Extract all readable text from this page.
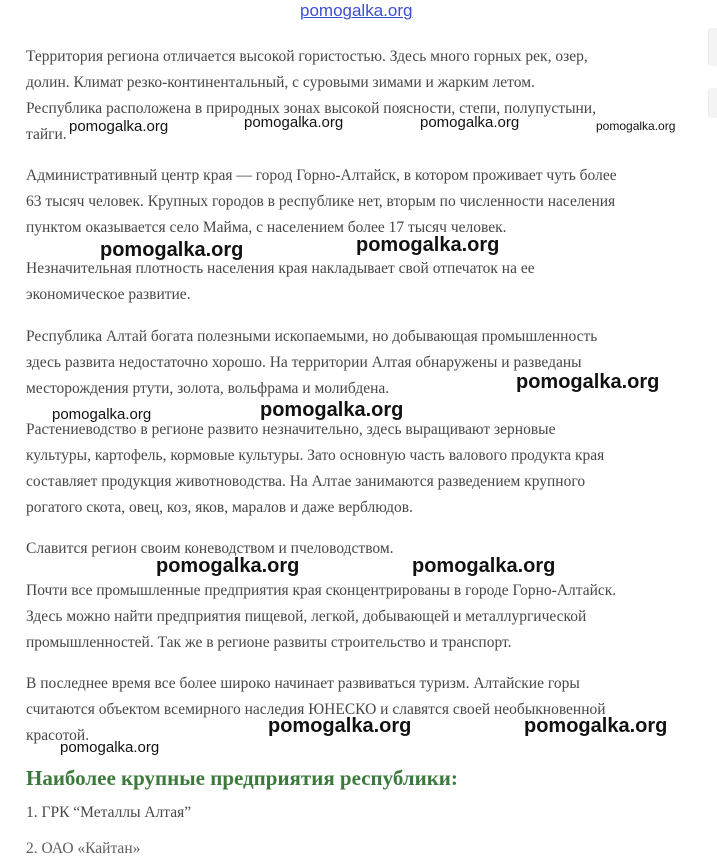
pomogalka.org
Территория региона отличается высокой гористостью. Здесь много горных рек, озер,
долин. Климат резко-континентальный, с суровыми зимами и жарким летом.
Республика расположена в природных зонах высокой поясности, степи, полупустыни,
тайги.
Административный центр края — город Горно-Алтайск, в котором проживает чуть более
63 тысяч человек. Крупных городов в республике нет, вторым по численности населения
пунктом оказывается село Майма, с населением более 17 тысяч человек.
Незначительная плотность населения края накладывает свой отпечаток на ее
экономическое развитие.
Республика Алтай богата полезными ископаемыми, но добывающая промышленность
здесь развита недостаточно хорошо. На территории Алтая обнаружены и разведаны
месторождения ртути, золота, вольфрама и молибдена.
Растениеводство в регионе развито незначительно, здесь выращивают зерновые
культуры, картофель, кормовые культуры. Зато основную часть валового продукта края
составляет продукция животноводства. На Алтае занимаются разведением крупного
рогатого скота, овец, коз, яков, маралов и даже верблюдов.
Славится регион своим коневодством и пчеловодством.
Почти все промышленные предприятия края сконцентрированы в городе Горно-Алтайск.
Здесь можно найти предприятия пищевой, легкой, добывающей и металлургической
промышленностей. Так же в регионе развиты строительство и транспорт.
В последнее время все более широко начинает развиваться туризм. Алтайские горы
считаются объектом всемирного наследия ЮНЕСКО и славятся своей необыкновенной
красотой.
Наиболее крупные предприятия республики:
1. ГРК “Металлы Алтая”
2. ОАО «Кайтан»
pomogalka.org	pomogalka.org	pomogalka.org	pomogalka.org
pomogalka.org	pomogalka.org
pomogalka.org
pomogalka.org	pomogalka.org
pomogalka.org	pomogalka.org
pomogalka.org	pomogalka.org
pomogalka.org
